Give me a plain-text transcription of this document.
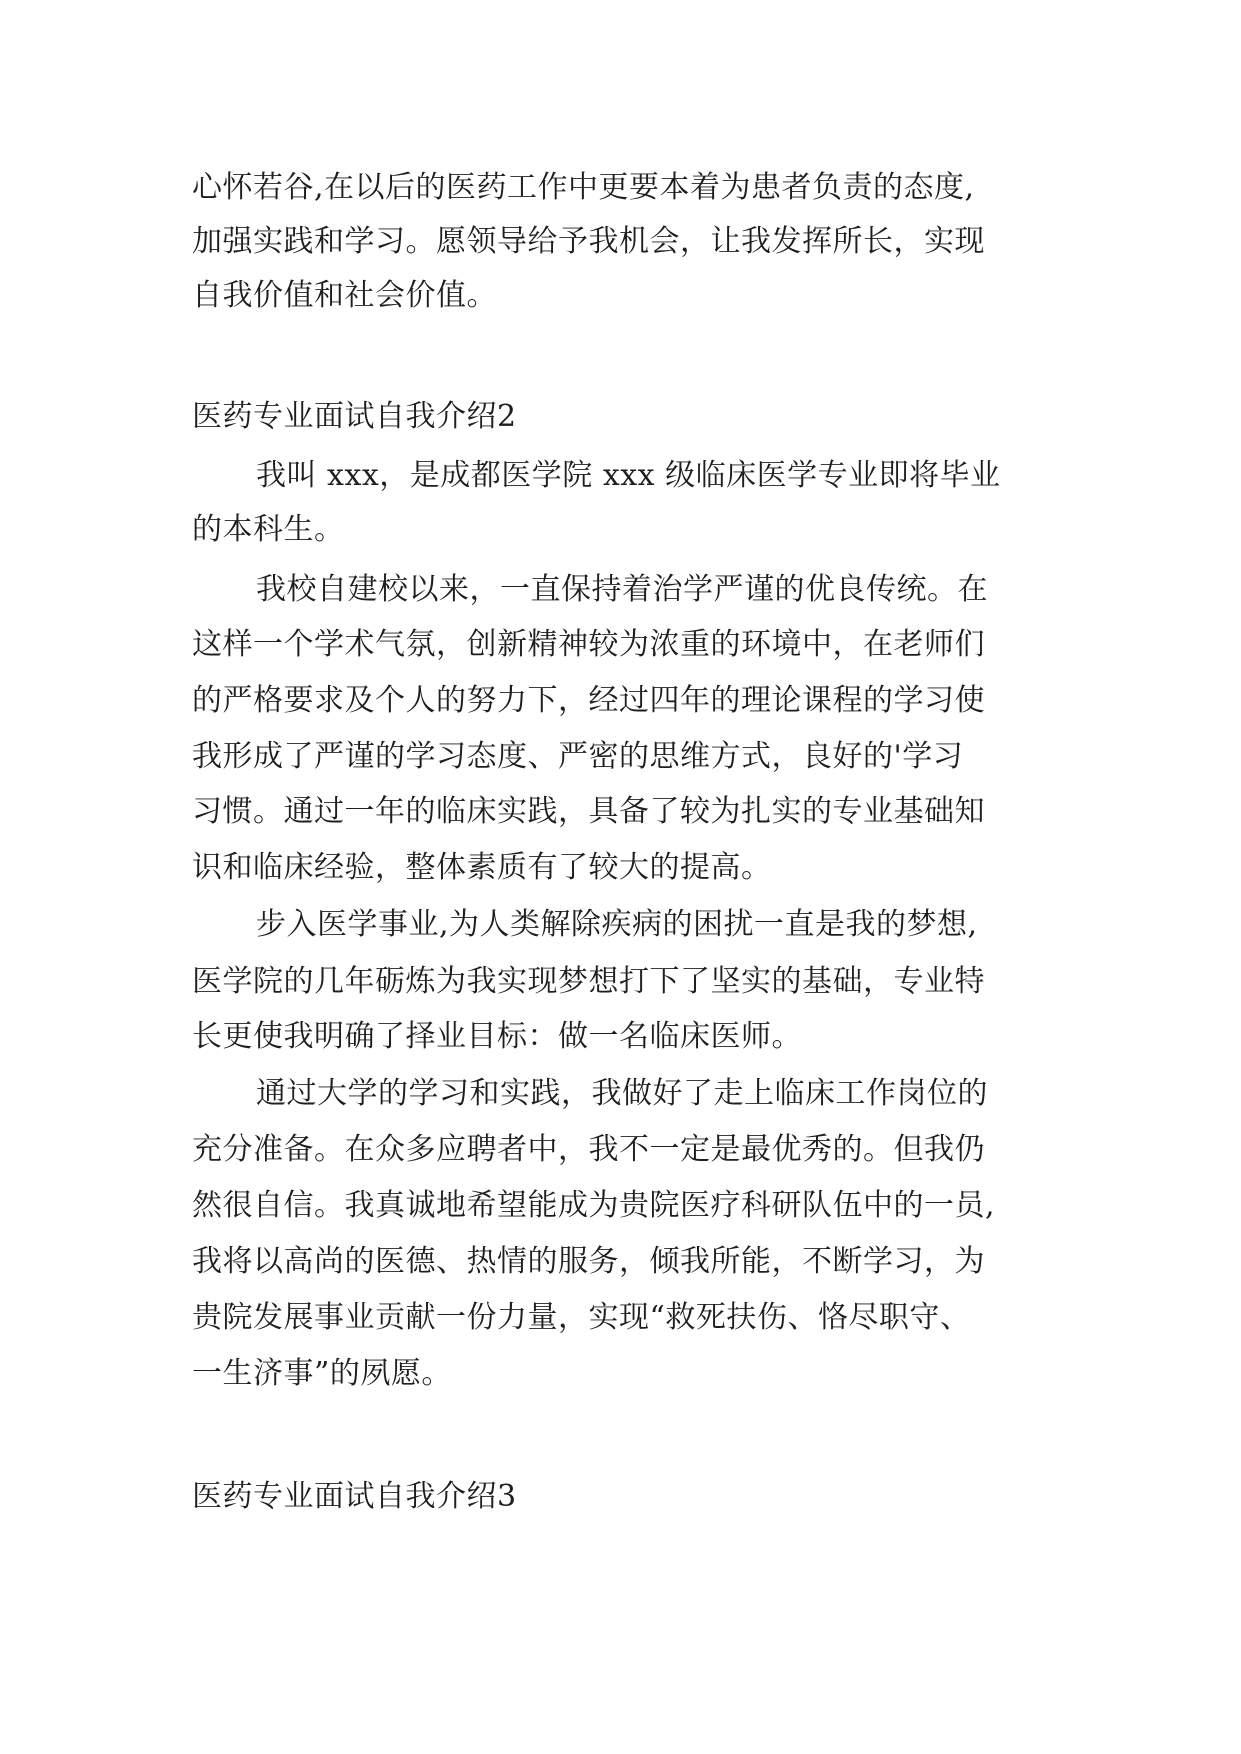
心怀若谷,在以后的医药工作中更要本着为患者负责的态度,
加强实践和学习。愿领导给予我机会，让我发挥所长，实现
自我价值和社会价值。
医药专业面试自我介绍2
我叫 xxx，是成都医学院 xxx 级临床医学专业即将毕业
的本科生。
我校自建校以来，一直保持着治学严谨的优良传统。在
这样一个学术气氛，创新精神较为浓重的环境中，在老师们
的严格要求及个人的努力下，经过四年的理论课程的学习使
我形成了严谨的学习态度、严密的思维方式，良好的'学习
习惯。通过一年的临床实践，具备了较为扎实的专业基础知
识和临床经验，整体素质有了较大的提高。
步入医学事业,为人类解除疾病的困扰一直是我的梦想,
医学院的几年砺炼为我实现梦想打下了坚实的基础，专业特
长更使我明确了择业目标：做一名临床医师。
通过大学的学习和实践，我做好了走上临床工作岗位的
充分准备。在众多应聘者中，我不一定是最优秀的。但我仍
然很自信。我真诚地希望能成为贵院医疗科研队伍中的一员,
我将以高尚的医德、热情的服务，倾我所能，不断学习，为
贵院发展事业贡献一份力量，实现“救死扶伤、恪尽职守、
一生济事”的夙愿。
医药专业面试自我介绍3
